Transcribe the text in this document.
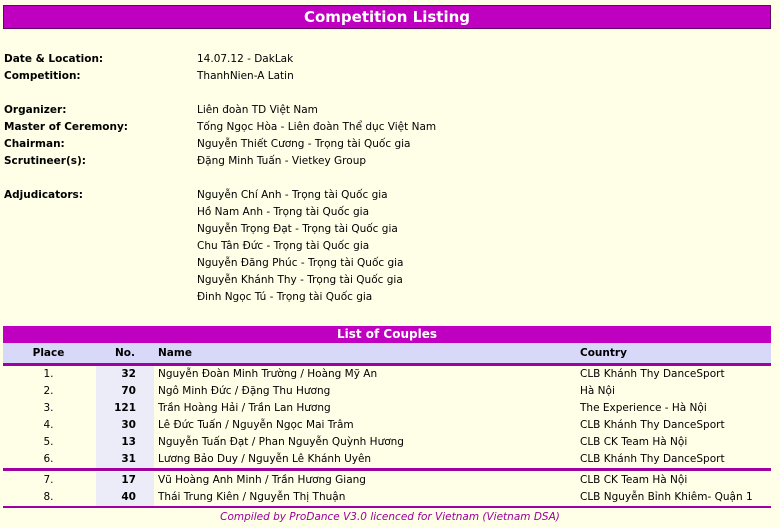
Competition Listing
Date & Location:	14.07.12 - DakLak
Competition:	ThanhNien-A Latin
Organizer:	Liên đoàn TD Việt Nam
Master of Ceremony:	Tống Ngọc Hòa - Liên đoàn Thể dục Việt Nam
Chairman:	Nguyễn Thiết Cương - Trọng tài Quốc gia
Scrutineer(s):	Đặng Minh Tuấn - Vietkey Group
Adjudicators:	Nguyễn Chí Anh - Trọng tài Quốc gia
Hồ Nam Anh - Trọng tài Quốc gia
Nguyễn Trọng Đạt - Trọng tài Quốc gia
Chu Tân Đức - Trọng tài Quốc gia
Nguyễn Đăng Phúc - Trọng tài Quốc gia
Nguyễn Khánh Thy - Trọng tài Quốc gia
Đinh Ngọc Tú - Trọng tài Quốc gia
List of Couples
Place	No.	Name	Country
1.	32	Nguyễn Đoàn Minh Trường / Hoàng Mỹ An	CLB Khánh Thy DanceSport
2.	70	Ngô Minh Đức / Đặng Thu Hương	Hà Nội
3.	121	Trần Hoàng Hải / Trần Lan Hương	The Experience - Hà Nội
4.	30	Lê Đức Tuấn / Nguyễn Ngọc Mai Trâm	CLB Khánh Thy DanceSport
5.	13	Nguyễn Tuấn Đạt / Phan Nguyễn Quỳnh Hương	CLB CK Team Hà Nội
6.	31	Lương Bảo Duy / Nguyễn Lê Khánh Uyên	CLB Khánh Thy DanceSport
7.	17	Vũ Hoàng Anh Minh / Trần Hương Giang	CLB CK Team Hà Nội
8.	40	Thái Trung Kiên / Nguyễn Thị Thuận	CLB Nguyễn Bỉnh Khiêm- Quận 1
Compiled by ProDance V3.0 licenced for Vietnam (Vietnam DSA)
